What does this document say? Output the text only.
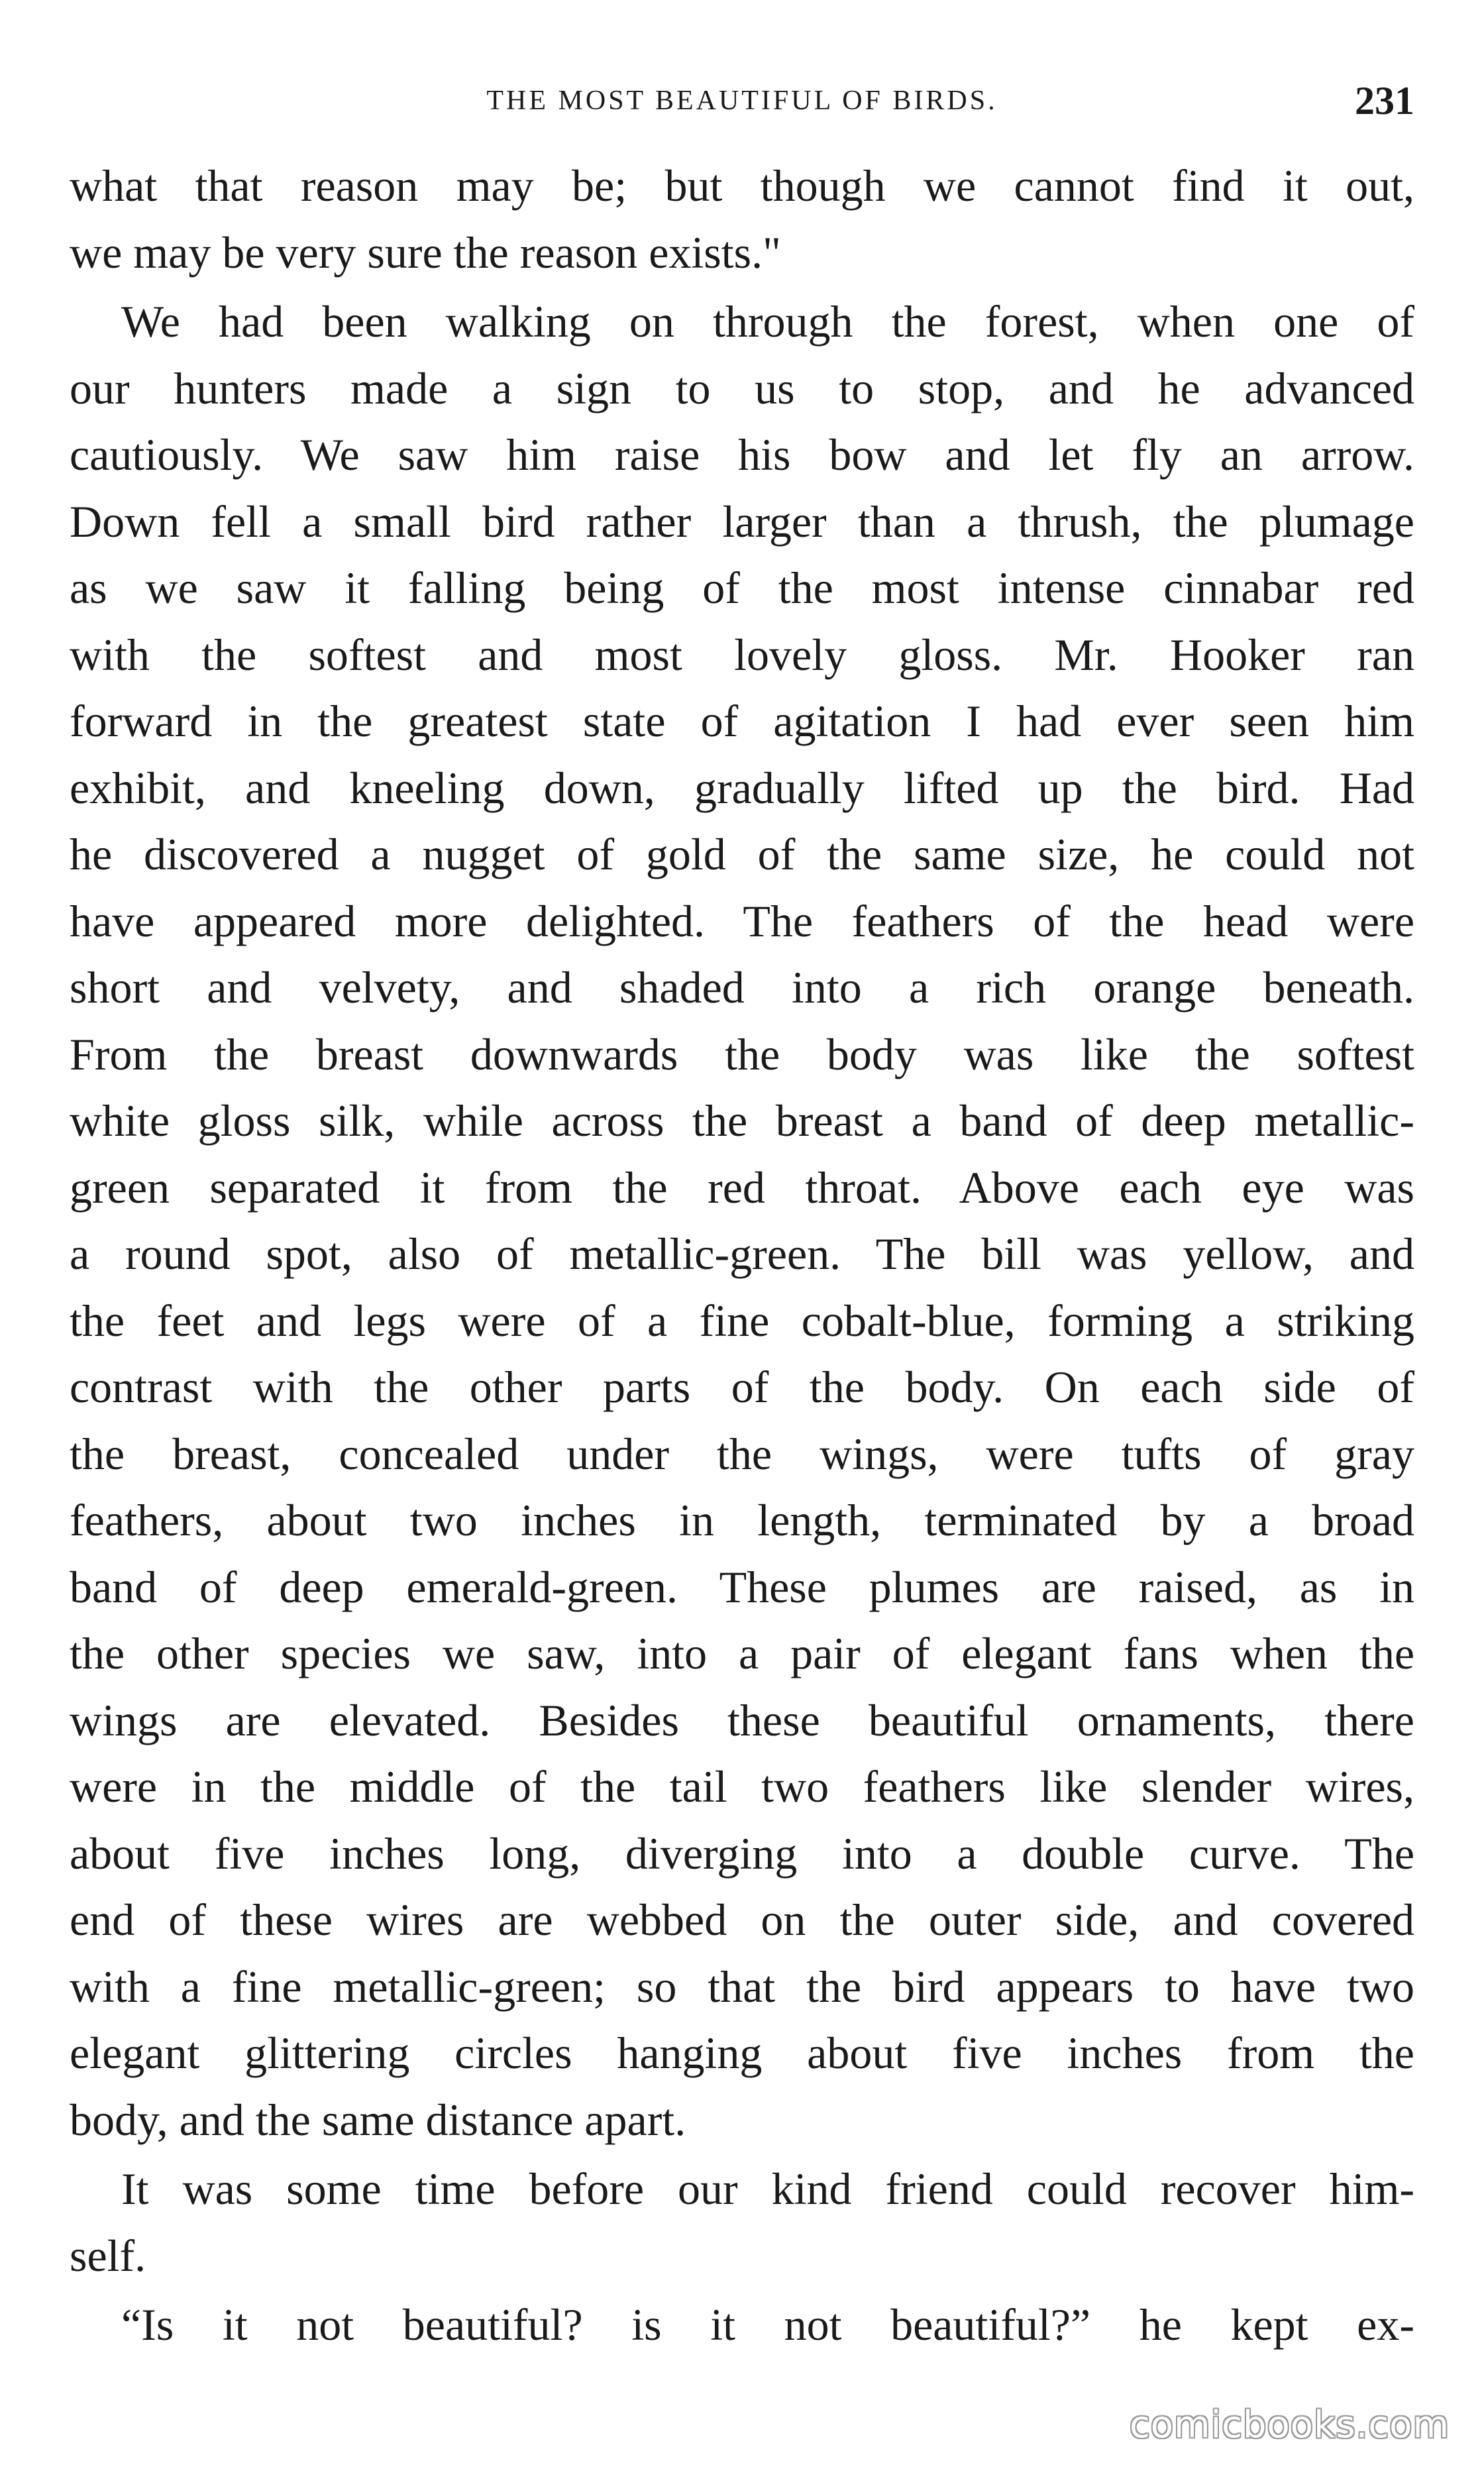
THE MOST BEAUTIFUL OF BIRDS.	231
what that reason may be; but though we cannot find it out,
we may be very sure the reason exists."
We had been walking on through the forest, when one of
our hunters made a sign to us to stop, and he advanced
cautiously. We saw him raise his bow and let fly an arrow.
Down fell a small bird rather larger than a thrush, the plumage
as we saw it falling being of the most intense cinnabar red
with the softest and most lovely gloss. Mr. Hooker ran
forward in the greatest state of agitation I had ever seen him
exhibit, and kneeling down, gradually lifted up the bird. Had
he discovered a nugget of gold of the same size, he could not
have appeared more delighted. The feathers of the head were
short and velvety, and shaded into a rich orange beneath.
From the breast downwards the body was like the softest
white gloss silk, while across the breast a band of deep metallic-
green separated it from the red throat. Above each eye was
a round spot, also of metallic-green. The bill was yellow, and
the feet and legs were of a fine cobalt-blue, forming a striking
contrast with the other parts of the body. On each side of
the breast, concealed under the wings, were tufts of gray
feathers, about two inches in length, terminated by a broad
band of deep emerald-green. These plumes are raised, as in
the other species we saw, into a pair of elegant fans when the
wings are elevated. Besides these beautiful ornaments, there
were in the middle of the tail two feathers like slender wires,
about five inches long, diverging into a double curve. The
end of these wires are webbed on the outer side, and covered
with a fine metallic-green; so that the bird appears to have two
elegant glittering circles hanging about five inches from the
body, and the same distance apart.
It was some time before our kind friend could recover him-
self.
“Is it not beautiful? is it not beautiful?” he kept ex-
comicbooks.com
